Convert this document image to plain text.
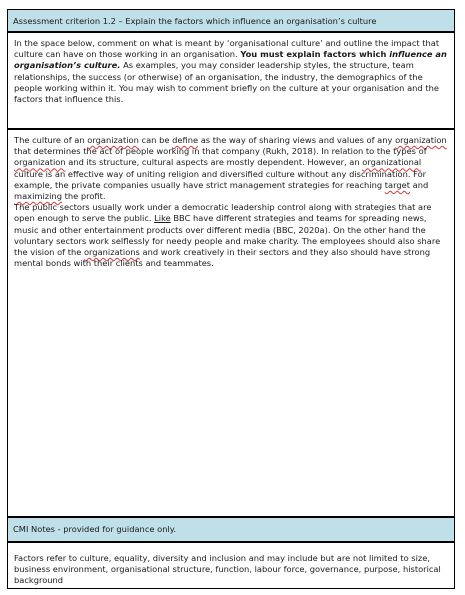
Assessment criterion 1.2 – Explain the factors which influence an organisation’s culture

In the space below, comment on what is meant by ‘organisational culture’ and outline the impact that culture can have on those working in an organisation. You must explain factors which influence an organisation’s culture. As examples, you may consider leadership styles, the structure, team relationships, the success (or otherwise) of an organisation, the industry, the demographics of the people working within it. You may wish to comment briefly on the culture at your organisation and the factors that influence this.

The culture of an organization can be define as the way of sharing views and values of any organization that determines the act of people working in that company (Rukh, 2018). In relation to the types of organization and its structure, cultural aspects are mostly dependent. However, an organizational culture is an effective way of uniting religion and diversified culture without any discrimination. For example, the private companies usually have strict management strategies for reaching target and maximizing the profit.

The public sectors usually work under a democratic leadership control along with strategies that are open enough to serve the public. Like BBC have different strategies and teams for spreading news, music and other entertainment products over different media (BBC, 2020a). On the other hand the voluntary sectors work selflessly for needy people and make charity. The employees should also share the vision of the organizations and work creatively in their sectors and they also should have strong mental bonds with their clients and teammates.

CMI Notes - provided for guidance only.

Factors refer to culture, equality, diversity and inclusion and may include but are not limited to size, business environment, organisational structure, function, labour force, governance, purpose, historical background
